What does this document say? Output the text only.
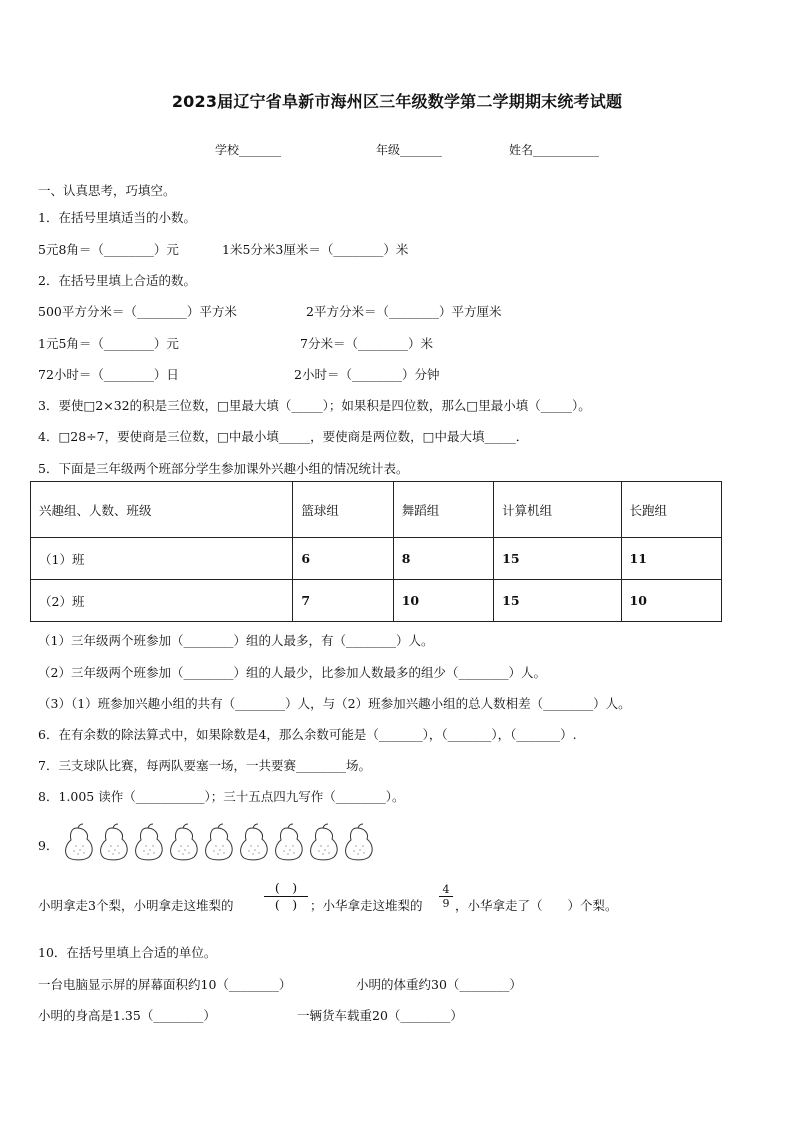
2023届辽宁省阜新市海州区三年级数学第二学期期末统考试题
学校_______	年级_______	姓名___________
一、认真思考，巧填空。
1．在括号里填适当的小数。
5元8角＝（________）元	1米5分米3厘米＝（________）米
2．在括号里填上合适的数。
500平方分米＝（________）平方米	2平方分米＝（________）平方厘米
1元5角＝（________）元	7分米＝（________）米
72小时＝（________）日	2小时＝（________）分钟
3．要使□2×32的积是三位数，□里最大填（_____）；如果积是四位数，那么□里最小填（_____）。
4．□28÷7，要使商是三位数，□中最小填_____，要使商是两位数，□中最大填_____．
5．下面是三年级两个班部分学生参加课外兴趣小组的情况统计表。
兴趣组、人数、班级	篮球组	舞蹈组	计算机组	长跑组
（1）班	6	8	15	11
（2）班	7	10	15	10
（1）三年级两个班参加（________）组的人最多，有（________）人。
（2）三年级两个班参加（________）组的人最少，比参加人数最多的组少（________）人。
（3）（1）班参加兴趣小组的共有（________）人，与（2）班参加兴趣小组的总人数相差（________）人。
6．在有余数的除法算式中，如果除数是4，那么余数可能是（_______），（_______），（_______）.
7．三支球队比赛，每两队要塞一场，一共要赛________场。
8．1.005 读作（___________）；三十五点四九写作（________）。
9．
小明拿走3个梨，小明拿走这堆梨的
(　)
(　)	；小华拿走这堆梨的
4
9 ，小华拿走了（　　）个梨。
10．在括号里填上合适的单位。
一台电脑显示屏的屏幕面积约10（________）	小明的体重约30（________）
小明的身高是1.35（________）	一辆货车载重20（________）
